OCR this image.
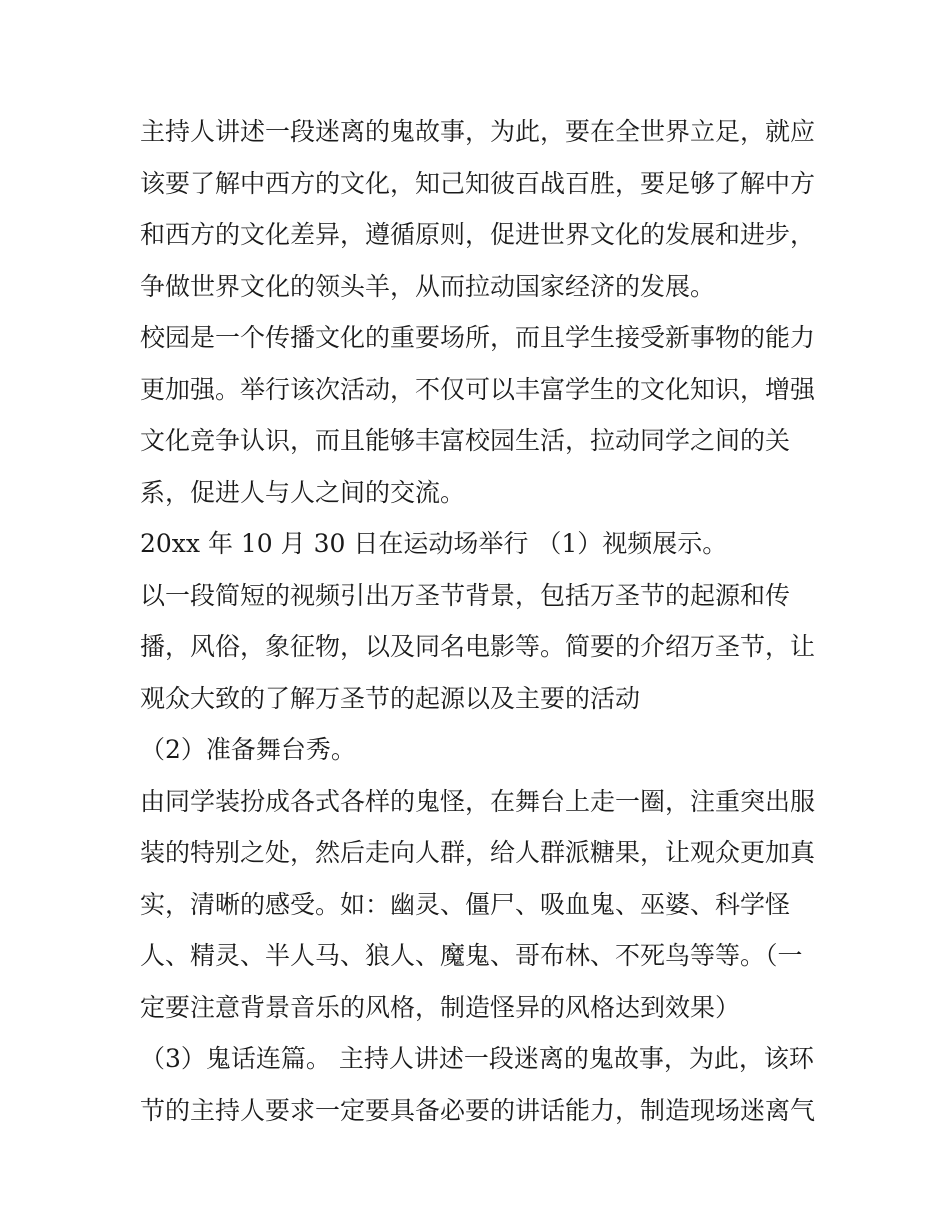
主持人讲述一段迷离的鬼故事，为此，要在全世界立足，就应
该要了解中西方的文化，知己知彼百战百胜，要足够了解中方
和西方的文化差异，遵循原则，促进世界文化的发展和进步，
争做世界文化的领头羊，从而拉动国家经济的发展。
校园是一个传播文化的重要场所，而且学生接受新事物的能力
更加强。举行该次活动，不仅可以丰富学生的文化知识，增强
文化竞争认识，而且能够丰富校园生活，拉动同学之间的关
系，促进人与人之间的交流。
20xx 年 10 月 30 日在运动场举行 （1）视频展示。
以一段简短的视频引出万圣节背景，包括万圣节的起源和传
播，风俗，象征物，以及同名电影等。简要的介绍万圣节，让
观众大致的了解万圣节的起源以及主要的活动
（2）准备舞台秀。
由同学装扮成各式各样的鬼怪，在舞台上走一圈，注重突出服
装的特别之处，然后走向人群，给人群派糖果，让观众更加真
实，清晰的感受。如：幽灵、僵尸、吸血鬼、巫婆、科学怪
人、精灵、半人马、狼人、魔鬼、哥布林、不死鸟等等。（一
定要注意背景音乐的风格，制造怪异的风格达到效果）
（3）鬼话连篇。 主持人讲述一段迷离的鬼故事，为此，该环
节的主持人要求一定要具备必要的讲话能力，制造现场迷离气
